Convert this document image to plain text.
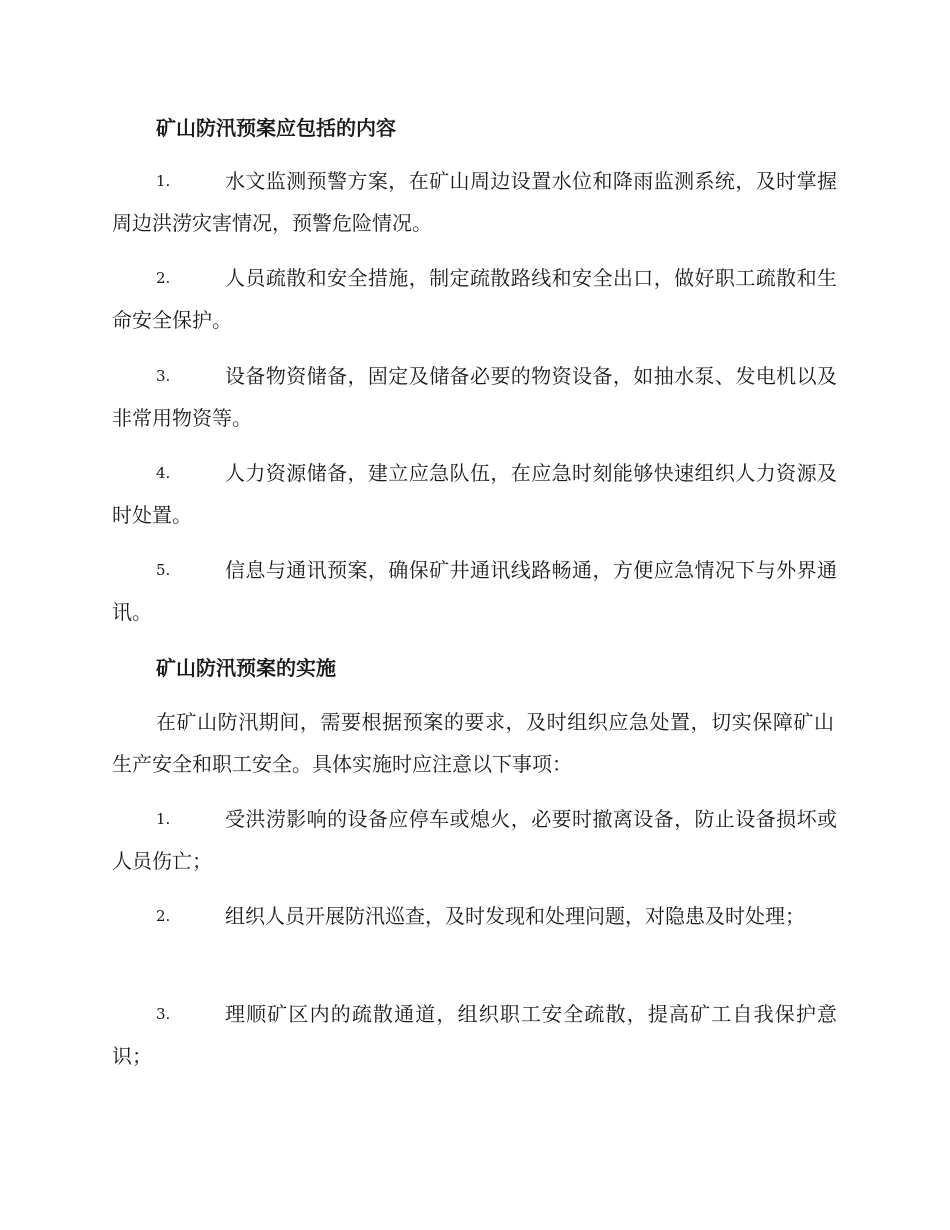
矿山防汛预案应包括的内容
1.	水文监测预警方案，在矿山周边设置水位和降雨监测系统，及时掌握周边洪涝灾害情况，预警危险情况。
2.	人员疏散和安全措施，制定疏散路线和安全出口，做好职工疏散和生命安全保护。
3.	设备物资储备，固定及储备必要的物资设备，如抽水泵、发电机以及非常用物资等。
4.	人力资源储备，建立应急队伍，在应急时刻能够快速组织人力资源及时处置。
5.	信息与通讯预案，确保矿井通讯线路畅通，方便应急情况下与外界通讯。
矿山防汛预案的实施
在矿山防汛期间，需要根据预案的要求，及时组织应急处置，切实保障矿山生产安全和职工安全。具体实施时应注意以下事项：
1.	受洪涝影响的设备应停车或熄火，必要时撤离设备，防止设备损坏或人员伤亡；
2.	组织人员开展防汛巡查，及时发现和处理问题，对隐患及时处理；
3.	理顺矿区内的疏散通道，组织职工安全疏散，提高矿工自我保护意识；
